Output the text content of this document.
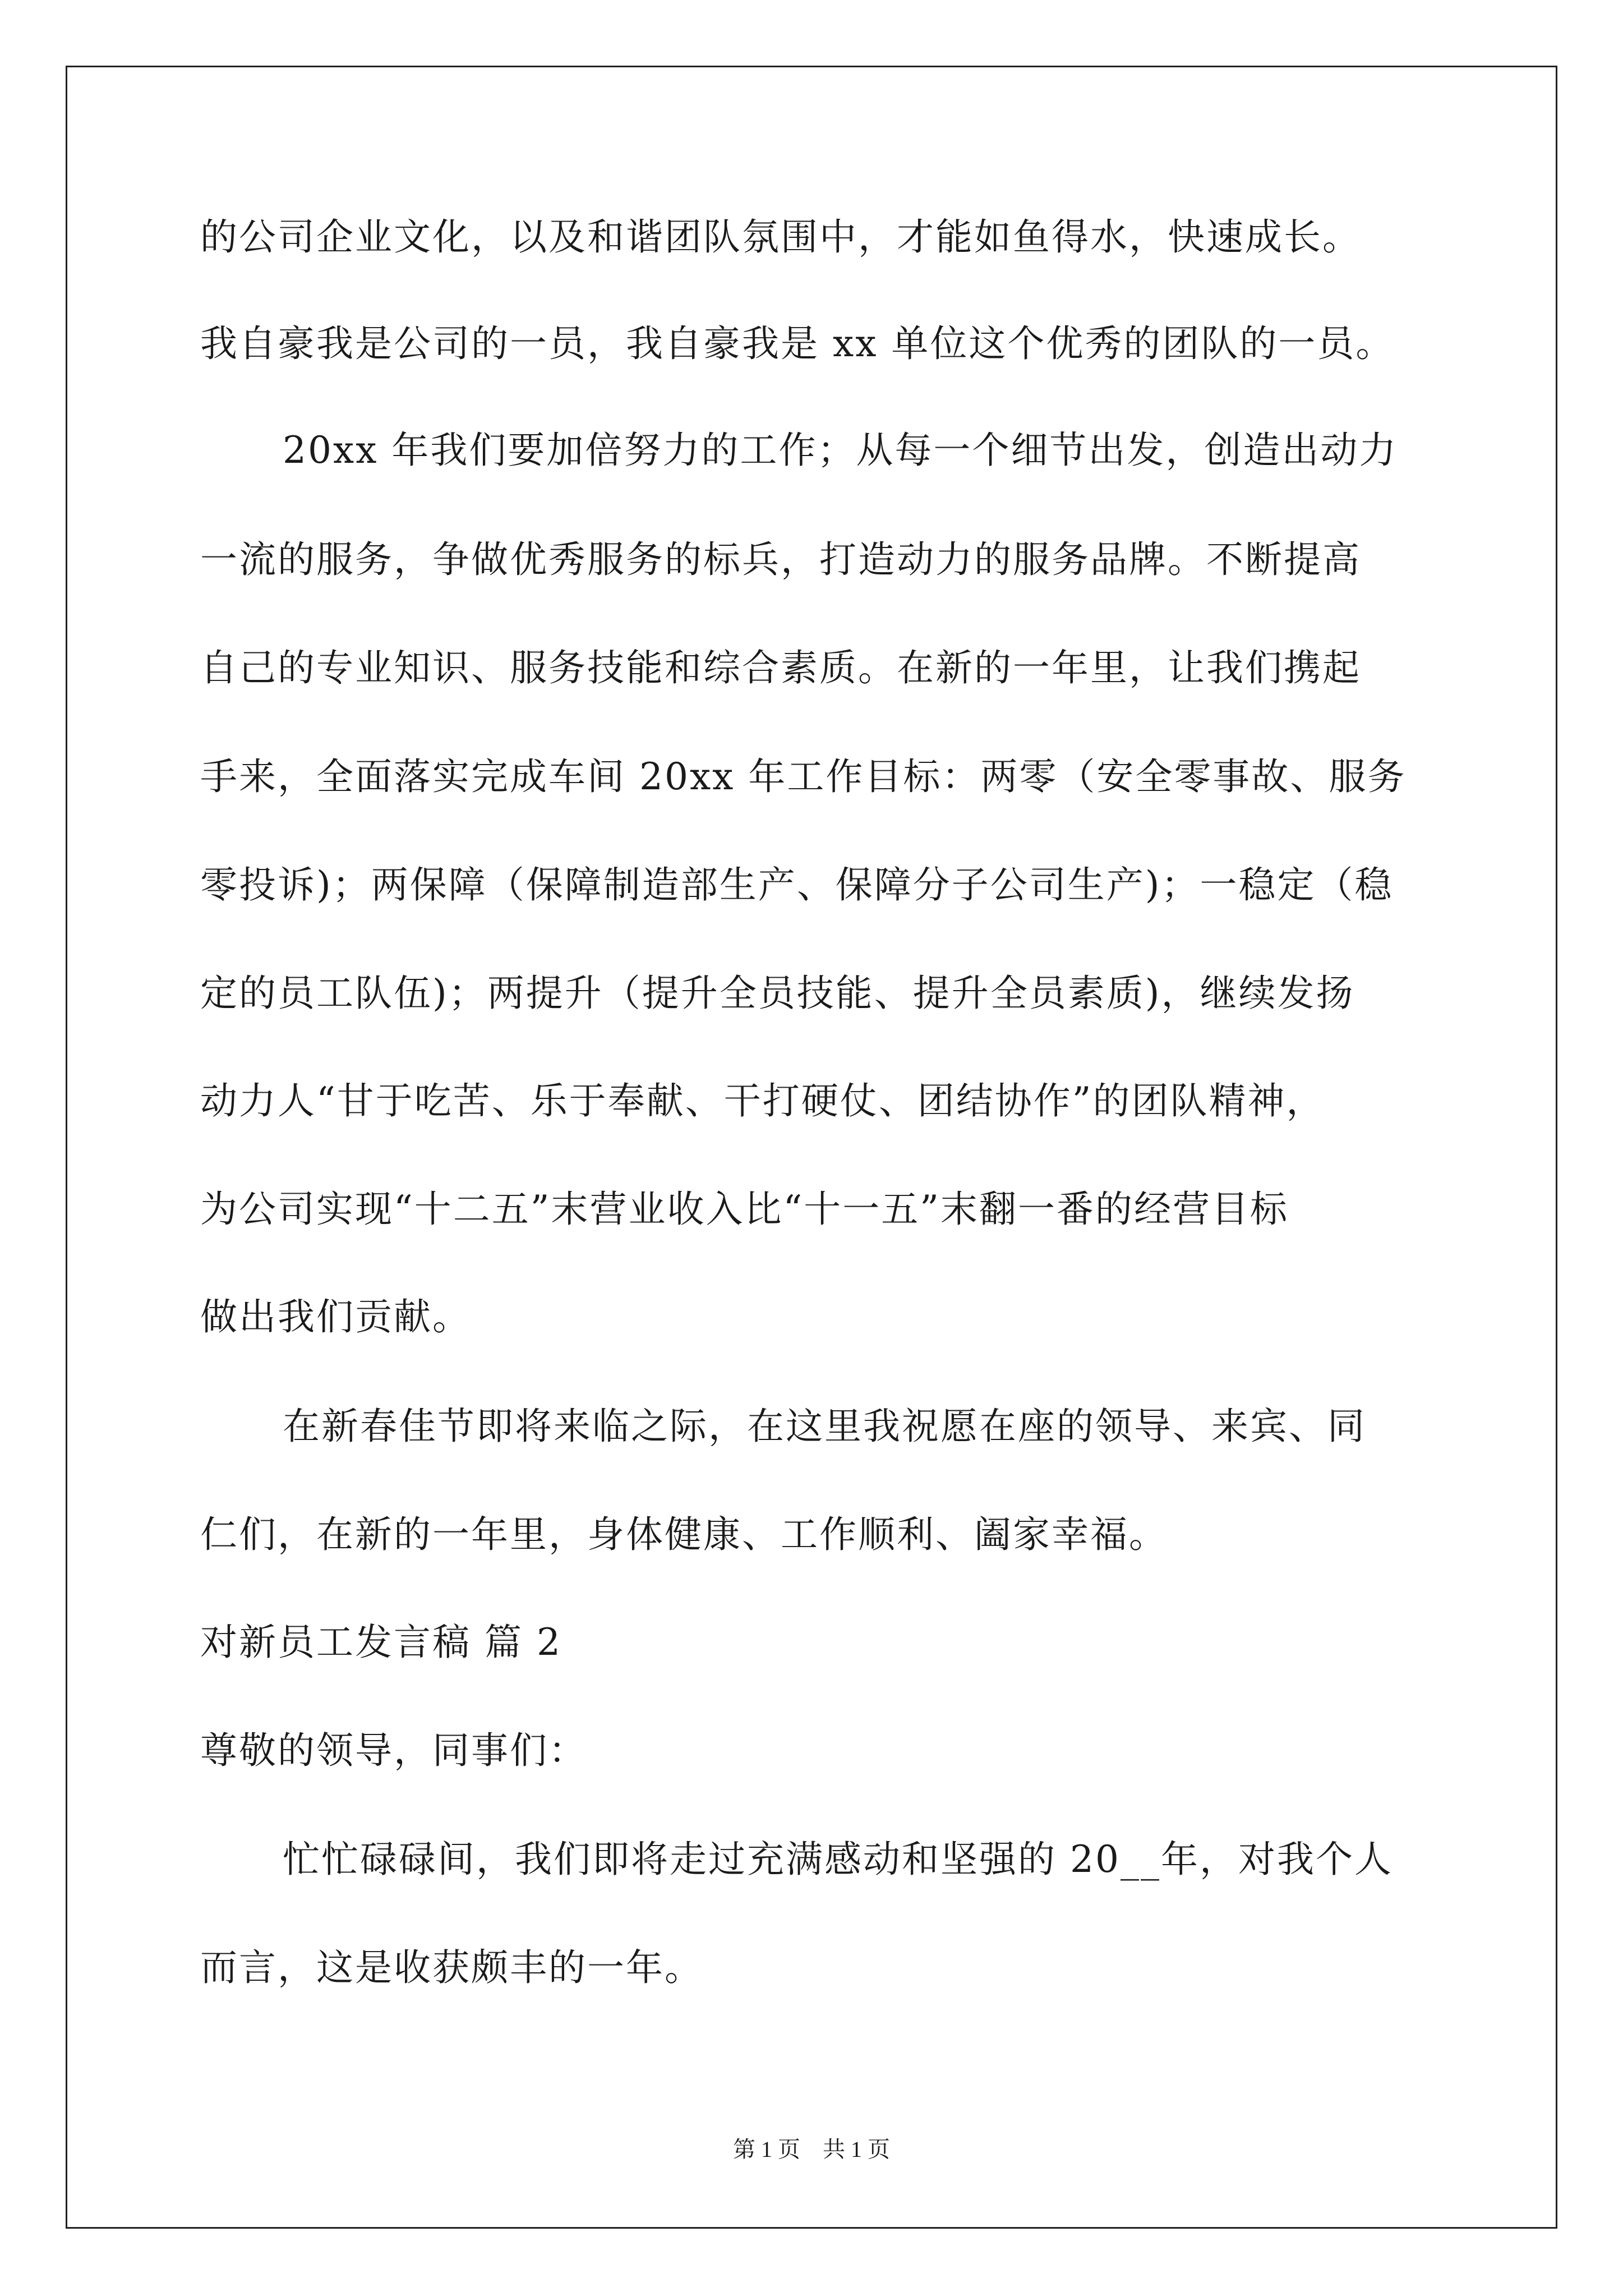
的公司企业文化，以及和谐团队氛围中，才能如鱼得水，快速成长。
我自豪我是公司的一员，我自豪我是 xx 单位这个优秀的团队的一员。
20xx 年我们要加倍努力的工作；从每一个细节出发，创造出动力
一流的服务，争做优秀服务的标兵，打造动力的服务品牌。不断提高
自己的专业知识、服务技能和综合素质。在新的一年里，让我们携起
手来，全面落实完成车间 20xx 年工作目标：两零（安全零事故、服务
零投诉)；两保障（保障制造部生产、保障分子公司生产)；一稳定（稳
定的员工队伍)；两提升（提升全员技能、提升全员素质)，继续发扬
动力人“甘于吃苦、乐于奉献、干打硬仗、团结协作”的团队精神，
为公司实现“十二五”末营业收入比“十一五”末翻一番的经营目标
做出我们贡献。
在新春佳节即将来临之际，在这里我祝愿在座的领导、来宾、同
仁们，在新的一年里，身体健康、工作顺利、阖家幸福。
对新员工发言稿 篇 2
尊敬的领导，同事们：
忙忙碌碌间，我们即将走过充满感动和坚强的 20__年，对我个人
而言，这是收获颇丰的一年。
第 1 页　共 1 页
